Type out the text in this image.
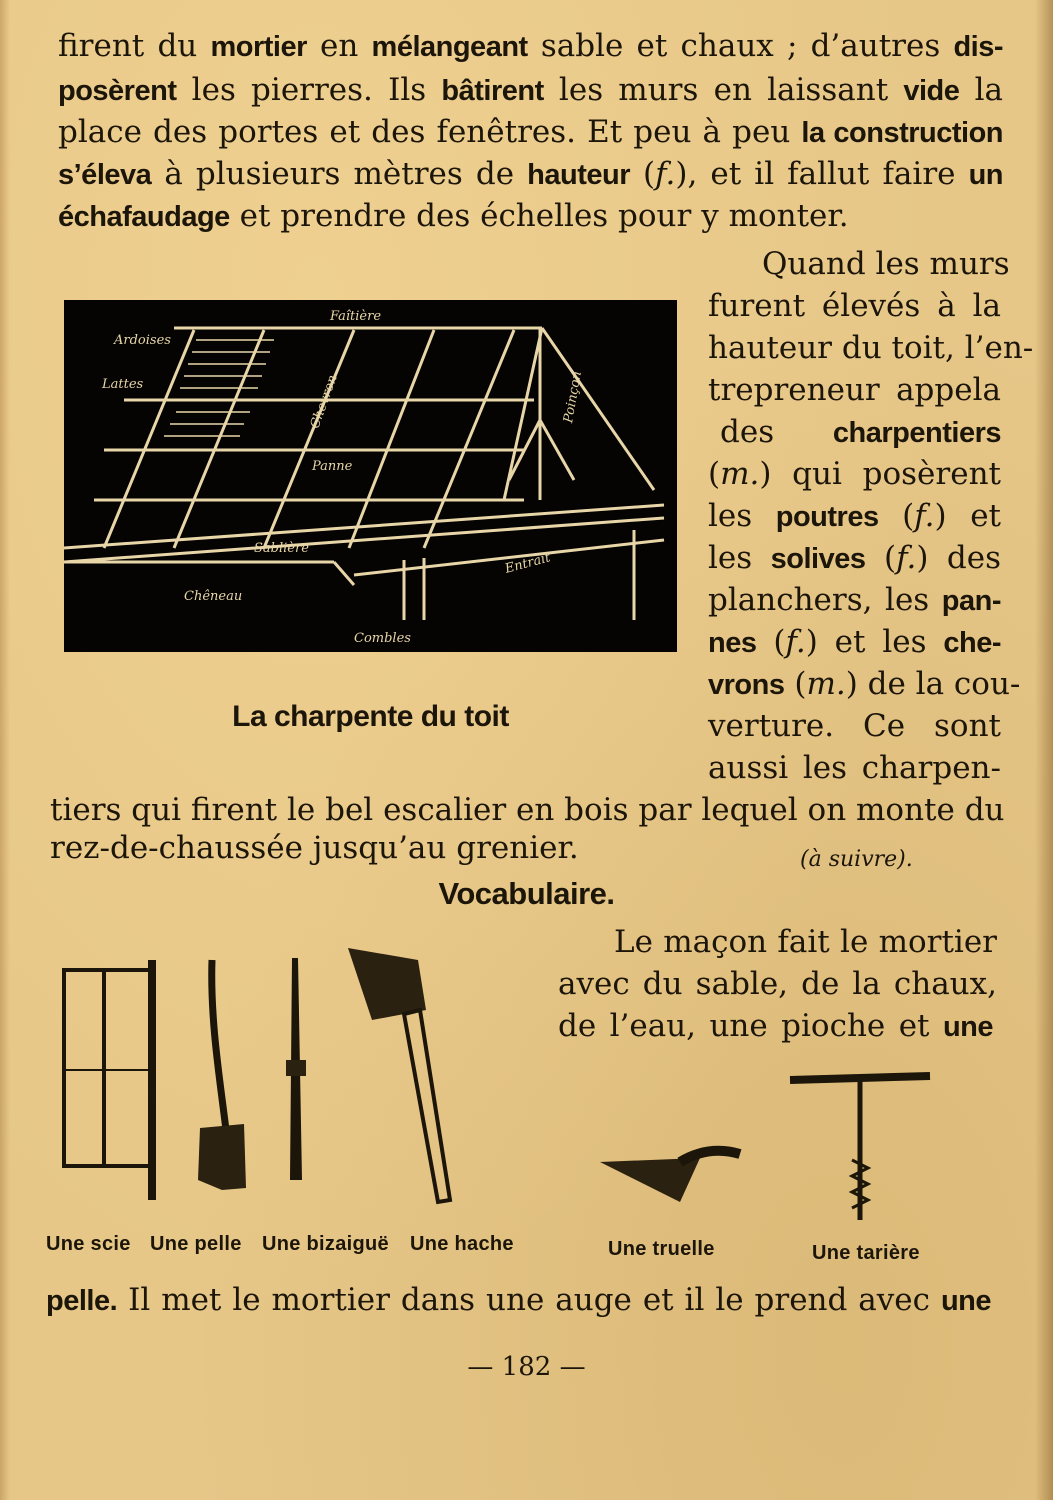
firent du mortier en mélangeant sable et chaux ; d’autres dis-
posèrent les pierres. Ils bâtirent les murs en laissant vide la
place des portes et des fenêtres. Et peu à peu la construction
s’éleva à plusieurs mètres de hauteur (f.), et il fallut faire un
échafaudage et prendre des échelles pour y monter.
Quand les murs
furent élevés à la
hauteur du toit, l’en-
trepreneur appela
des charpentiers
(m.) qui posèrent
les poutres (f.) et
les solives (f.) des
planchers, les pan-
nes (f.) et les che-
vrons (m.) de la cou-
verture. Ce sont
aussi les charpen-
tiers qui firent le bel escalier en bois par lequel on monte du
rez-de-chaussée jusqu’au grenier.	(à suivre).
Faîtière
Ardoises
Lattes	Chevron
Panne
Poinçon
Sablière
Entrait
Chêneau
Combles
La charpente du toit
Vocabulaire.
Le maçon fait le mortier
avec du sable, de la chaux,
de l’eau, une pioche et une
Une scie Une pelle Une bizaiguë Une hache	Une truelle	Une tarière
pelle. Il met le mortier dans une auge et il le prend avec une
— 182 —
